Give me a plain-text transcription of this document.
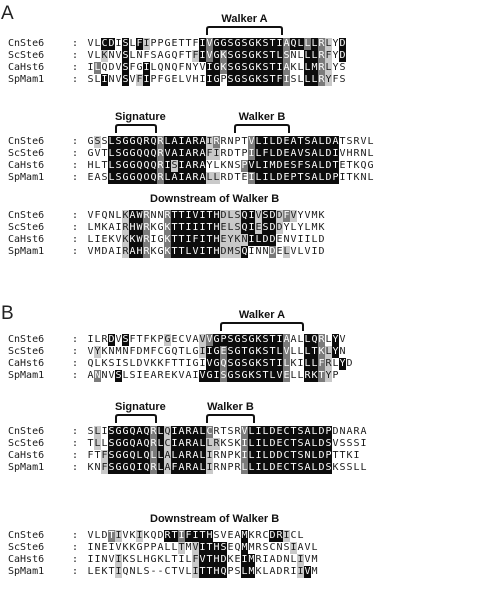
A	Walker A
CnSte6	: V L C D I S L F I P P G E T T F I V G G S G S G K S T I A Q L L L R L Y D
ScSte6	: V L K N V S L N F S A G Q F T F I V G K S G S G K S T L S N L L L R F Y D
CaHst6	: I L Q D V S F G I L Q N Q F N Y V I G K S G S G K S T I A K L L M R L Y S
SpMam1	: S L I N V S V F I P F G E L V H I I G P S G S G K S T F I S L L L R Y F S
Signature	Walker B
CnSte6	: G S S L S G G Q R Q R L A I A R A I R R N P T V L I L D E A T S A L D A T S R V L
ScSte6	: G V T L S G G Q Q Q R V A I A R A F I R D T P I L F L D E A V S A L D I V H R N L
CaHst6	: H L T L S G G Q Q Q R I S I A R A Y L K N S P V L I M D E S F S A L D T E T K Q G
SpMam1	: E A S L S G G Q O Q R L A I A R A L L R D T E I L I L D E P T S A L D P I T K N L
Downstream of Walker B
CnSte6	: V F Q N L K A W R N N R T T I V I T H D L S Q I V S D D F V Y V M K
ScSte6	: L M K A I R H W R K G K T T I I I T H E L S Q I E S D D Y L Y L M K
CaHst6	: L I E K V K K W R I G K T T I F I T H E Y K N I L D D E N V I I L D
SpMam1	: V M D A I R A H R K G K T T L V I T H D M S Q I N N D E L V L V I D
B	Walker A
CnSte6	: I L R D V S F T F K P G E C V A V V G P S G S G K S T I A A L L Q R L Y V
ScSte6	: V Y K N M N F D M F C G Q T L G I I G E S G T G K S T L V L L L T K L Y N
CaHst6	: Q L K S I S L D V K K F T T I G I V G Q S G S G K S T I L K I L L F R L Y D
SpMam1	: A N N V S L S I E A R E K V A I V G I S G S G K S T L V E L L R K T Y P
Signature	Walker B
CnSte6	: S L I S G G Q A Q R L Q I A R A L C R T S R V L I L D E C T S A L D P D N A R A
ScSte6	: T L L S G G Q A Q R L C I A R A L L R K S K I L I L D E C T S A L D S V S S S I
CaHst6	: F T F S G G Q L Q L L A L A R A L I R N P K I L I L D D C T S N L D P T T K I
SpMam1	: K N F S G G Q I Q R L A F A R A L I R N P R L L I L D E C T S A L D S K S S L L
Downstream of Walker B
CnSte6	: V L D T I V K I K Q D R T I F I T H S V E A M K R C D R I C L
ScSte6	: I N E I V K K G P P A L L T M V I T H S E Q M M R S C N S I A V L
CaHst6	: I I N V I K S L H G K L T I L F V T H D K E I M R I A D N L I V M
SpMam1	: L E K T I Q N L S - - C T V L I T T H Q P S L M K L A D R I I V M
